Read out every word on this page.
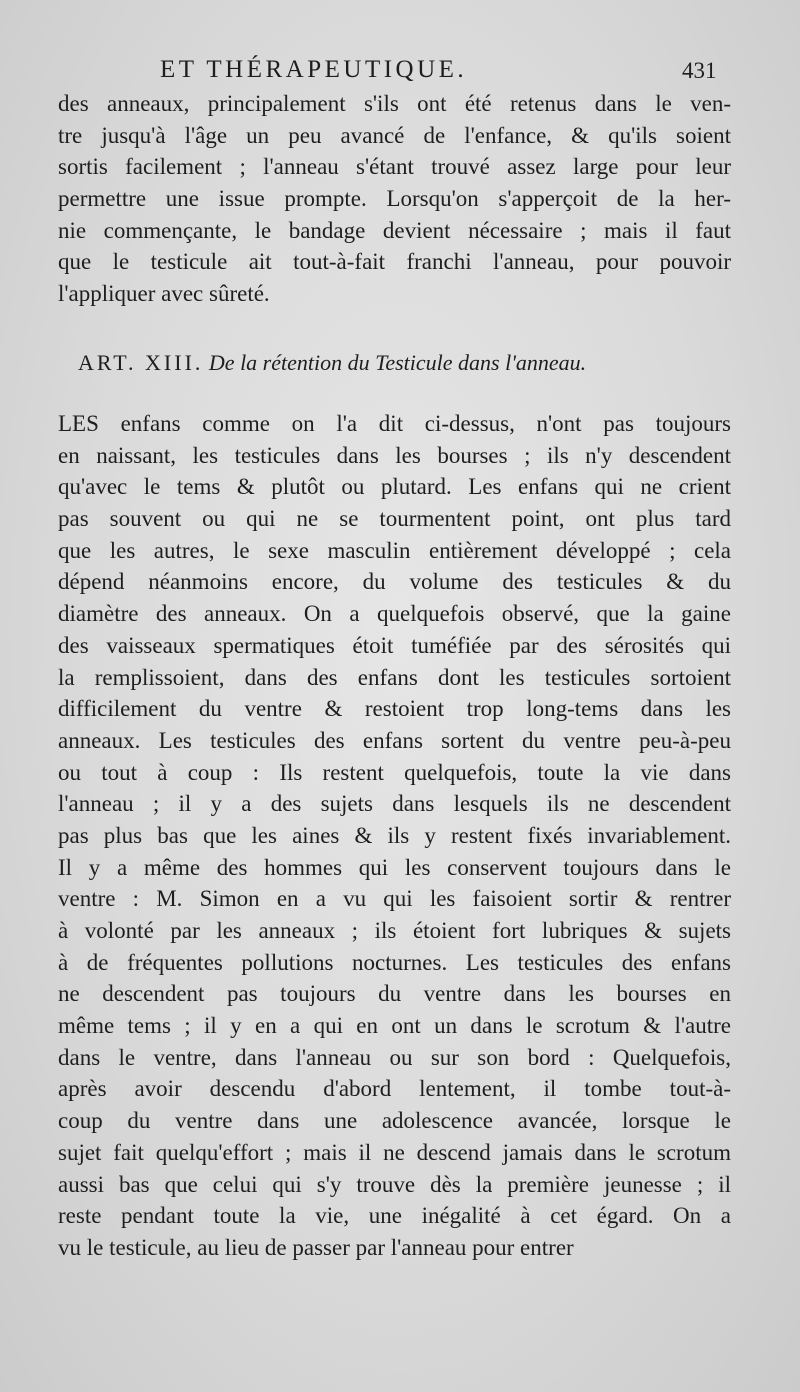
ET THÉRAPEUTIQUE.	431
des anneaux, principalement s'ils ont été retenus dans le ven-
tre jusqu'à l'âge un peu avancé de l'enfance, & qu'ils soient
sortis facilement ; l'anneau s'étant trouvé assez large pour leur
permettre une issue prompte. Lorsqu'on s'apperçoit de la her-
nie commençante, le bandage devient nécessaire ; mais il faut
que le testicule ait tout-à-fait franchi l'anneau, pour pouvoir
l'appliquer avec sûreté.
ART. XIII. De la rétention du Testicule dans l'anneau.
LES enfans comme on l'a dit ci-dessus, n'ont pas toujours
en naissant, les testicules dans les bourses ; ils n'y descendent
qu'avec le tems & plutôt ou plutard. Les enfans qui ne crient
pas souvent ou qui ne se tourmentent point, ont plus tard
que les autres, le sexe masculin entièrement développé ; cela
dépend néanmoins encore, du volume des testicules & du
diamètre des anneaux. On a quelquefois observé, que la gaine
des vaisseaux spermatiques étoit tuméfiée par des sérosités qui
la remplissoient, dans des enfans dont les testicules sortoient
difficilement du ventre & restoient trop long-tems dans les
anneaux. Les testicules des enfans sortent du ventre peu-à-peu
ou tout à coup : Ils restent quelquefois, toute la vie dans
l'anneau ; il y a des sujets dans lesquels ils ne descendent
pas plus bas que les aines & ils y restent fixés invariablement.
Il y a même des hommes qui les conservent toujours dans le
ventre : M. Simon en a vu qui les faisoient sortir & rentrer
à volonté par les anneaux ; ils étoient fort lubriques & sujets
à de fréquentes pollutions nocturnes. Les testicules des enfans
ne descendent pas toujours du ventre dans les bourses en
même tems ; il y en a qui en ont un dans le scrotum & l'autre
dans le ventre, dans l'anneau ou sur son bord : Quelquefois,
après avoir descendu d'abord lentement, il tombe tout-à-
coup du ventre dans une adolescence avancée, lorsque le
sujet fait quelqu'effort ; mais il ne descend jamais dans le scrotum
aussi bas que celui qui s'y trouve dès la première jeunesse ; il
reste pendant toute la vie, une inégalité à cet égard. On a
vu le testicule, au lieu de passer par l'anneau pour entrer
